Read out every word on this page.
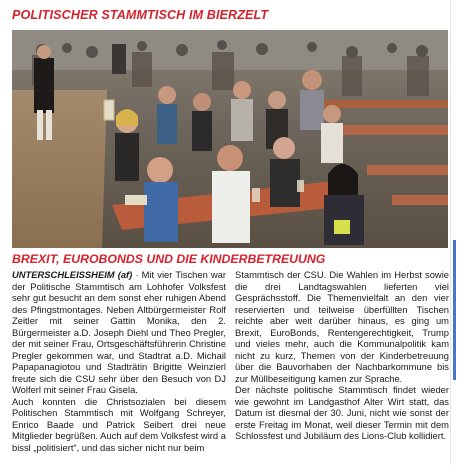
POLITISCHER STAMMTISCH IM BIERZELT
BREXIT, EUROBONDS UND DIE KINDERBETREUUNG

UNTERSCHLEISSHEIM (af) · Mit vier Tischen war der Politische Stammtisch am Lohhofer Volksfest sehr gut besucht an dem sonst eher ruhigen Abend des Pfingstmontages. Neben Altbürgermeister Rolf Zeitler mit seiner Gattin Monika, den 2. Bürgermeister a.D. Joseph Diehl und Theo Pregler, der mit seiner Frau, Ortsgeschäftsführerin Christine Pregler gekommen war, und Stadtrat a.D. Michail Papapanagiotou und Stadträtin Brigitte Weinzierl freute sich die CSU sehr über den Besuch von DJ Wolferl mit seiner Frau Gisela.

Auch konnten die Christsozialen bei diesem Politischen Stammtisch mit Wolfgang Schreyer, Enrico Baade und Patrick Seibert drei neue Mitglieder begrüßen. Auch auf dem Volksfest wird a bissl „politisiert“, und das sicher nicht nur beim

Stammtisch der CSU. Die Wahlen im Herbst sowie die drei Landtagswahlen lieferten viel Gesprächsstoff. Die Themenvielfalt an den vier reservierten und teilweise überfüllten Tischen reichte aber weit darüber hinaus, es ging um Brexit, EuroBonds, Rentengerechtigkeit, Trump und vieles mehr, auch die Kommunalpolitik kam nicht zu kurz, Themen von der Kinderbetreuung über die Bauvorhaben der Nachbarkommune bis zur Müllbeseitigung kamen zur Sprache.

Der nächste politische Stammtisch findet wieder wie gewohnt im Landgasthof Alter Wirt statt, das Datum ist diesmal der 30. Juni, nicht wie sonst der erste Freitag im Monat, weil dieser Termin mit dem Schlossfest und Jubiläum des Lions-Club kollidiert.
